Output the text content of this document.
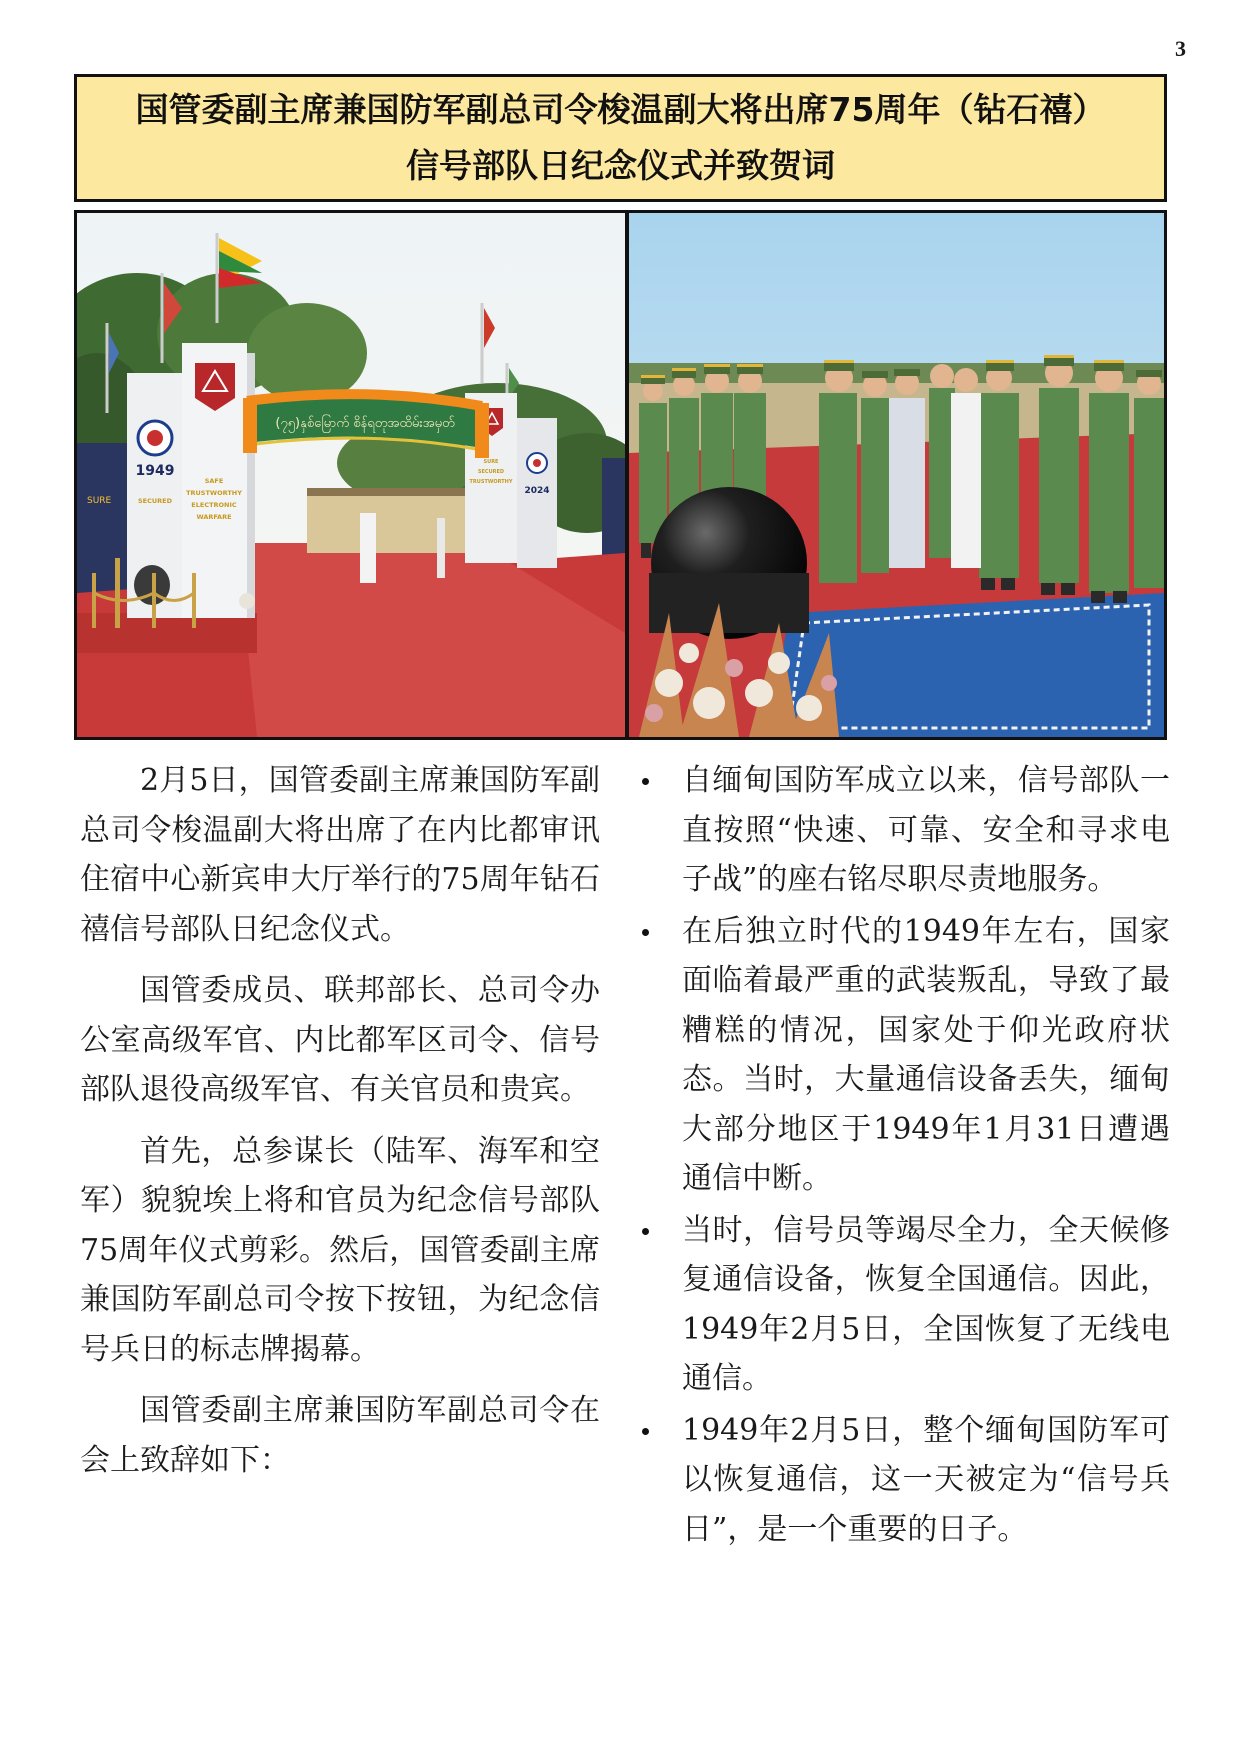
3
国管委副主席兼国防军副总司令梭温副大将出席75周年（钻石禧）信号部队日纪念仪式并致贺词
1949
SURE	SECURED
SAFE
TRUSTWORTHY
ELECTRONIC
WARFARE
2024
SURE
SECURED
TRUSTWORTHY
(၇၅)နှစ်မြောက် စိန်ရတုအထိမ်းအမှတ်

2月5日，国管委副主席兼国防军副总司令梭温副大将出席了在内比都审讯住宿中心新宾申大厅举行的75周年钻石禧信号部队日纪念仪式。

国管委成员、联邦部长、总司令办公室高级军官、内比都军区司令、信号部队退役高级军官、有关官员和贵宾。

首先，总参谋长（陆军、海军和空军）貌貌埃上将和官员为纪念信号部队75周年仪式剪彩。然后，国管委副主席兼国防军副总司令按下按钮，为纪念信号兵日的标志牌揭幕。

国管委副主席兼国防军副总司令在会上致辞如下：

自缅甸国防军成立以来，信号部队一直按照“快速、可靠、安全和寻求电子战”的座右铭尽职尽责地服务。
在后独立时代的1949年左右，国家面临着最严重的武装叛乱，导致了最糟糕的情况，国家处于仰光政府状态。当时，大量通信设备丢失，缅甸大部分地区于1949年1月31日遭遇通信中断。
当时，信号员等竭尽全力，全天候修复通信设备，恢复全国通信。因此，1949年2月5日，全国恢复了无线电通信。
1949年2月5日，整个缅甸国防军可以恢复通信，这一天被定为“信号兵日”，是一个重要的日子。
